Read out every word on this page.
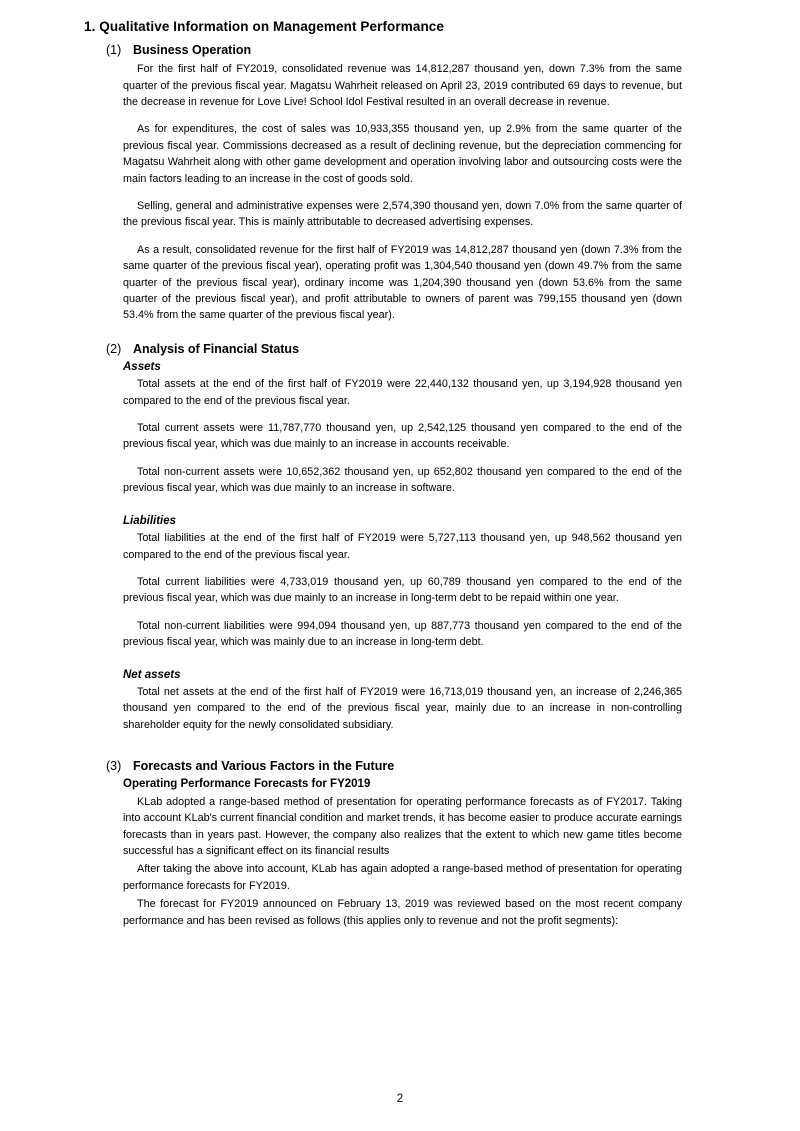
1. Qualitative Information on Management Performance
(1) Business Operation

For the first half of FY2019, consolidated revenue was 14,812,287 thousand yen, down 7.3% from the same quarter of the previous fiscal year. Magatsu Wahrheit released on April 23, 2019 contributed 69 days to revenue, but the decrease in revenue for Love Live! School Idol Festival resulted in an overall decrease in revenue.

As for expenditures, the cost of sales was 10,933,355 thousand yen, up 2.9% from the same quarter of the previous fiscal year. Commissions decreased as a result of declining revenue, but the depreciation commencing for Magatsu Wahrheit along with other game development and operation involving labor and outsourcing costs were the main factors leading to an increase in the cost of goods sold.

Selling, general and administrative expenses were 2,574,390 thousand yen, down 7.0% from the same quarter of the previous fiscal year. This is mainly attributable to decreased advertising expenses.

As a result, consolidated revenue for the first half of FY2019 was 14,812,287 thousand yen (down 7.3% from the same quarter of the previous fiscal year), operating profit was 1,304,540 thousand yen (down 49.7% from the same quarter of the previous fiscal year), ordinary income was 1,204,390 thousand yen (down 53.6% from the same quarter of the previous fiscal year), and profit attributable to owners of parent was 799,155 thousand yen (down 53.4% from the same quarter of the previous fiscal year).

(2) Analysis of Financial Status
Assets

Total assets at the end of the first half of FY2019 were 22,440,132 thousand yen, up 3,194,928 thousand yen compared to the end of the previous fiscal year.

Total current assets were 11,787,770 thousand yen, up 2,542,125 thousand yen compared to the end of the previous fiscal year, which was due mainly to an increase in accounts receivable.

Total non-current assets were 10,652,362 thousand yen, up 652,802 thousand yen compared to the end of the previous fiscal year, which was due mainly to an increase in software.

Liabilities

Total liabilities at the end of the first half of FY2019 were 5,727,113 thousand yen, up 948,562 thousand yen compared to the end of the previous fiscal year.

Total current liabilities were 4,733,019 thousand yen, up 60,789 thousand yen compared to the end of the previous fiscal year, which was due mainly to an increase in long-term debt to be repaid within one year.

Total non-current liabilities were 994,094 thousand yen, up 887,773 thousand yen compared to the end of the previous fiscal year, which was mainly due to an increase in long-term debt.

Net assets

Total net assets at the end of the first half of FY2019 were 16,713,019 thousand yen, an increase of 2,246,365 thousand yen compared to the end of the previous fiscal year, mainly due to an increase in non-controlling shareholder equity for the newly consolidated subsidiary.

(3) Forecasts and Various Factors in the Future
Operating Performance Forecasts for FY2019

KLab adopted a range-based method of presentation for operating performance forecasts as of FY2017. Taking into account KLab's current financial condition and market trends, it has become easier to produce accurate earnings forecasts than in years past. However, the company also realizes that the extent to which new game titles become successful has a significant effect on its financial results

After taking the above into account, KLab has again adopted a range-based method of presentation for operating performance forecasts for FY2019.

The forecast for FY2019 announced on February 13, 2019 was reviewed based on the most recent company performance and has been revised as follows (this applies only to revenue and not the profit segments):

2
